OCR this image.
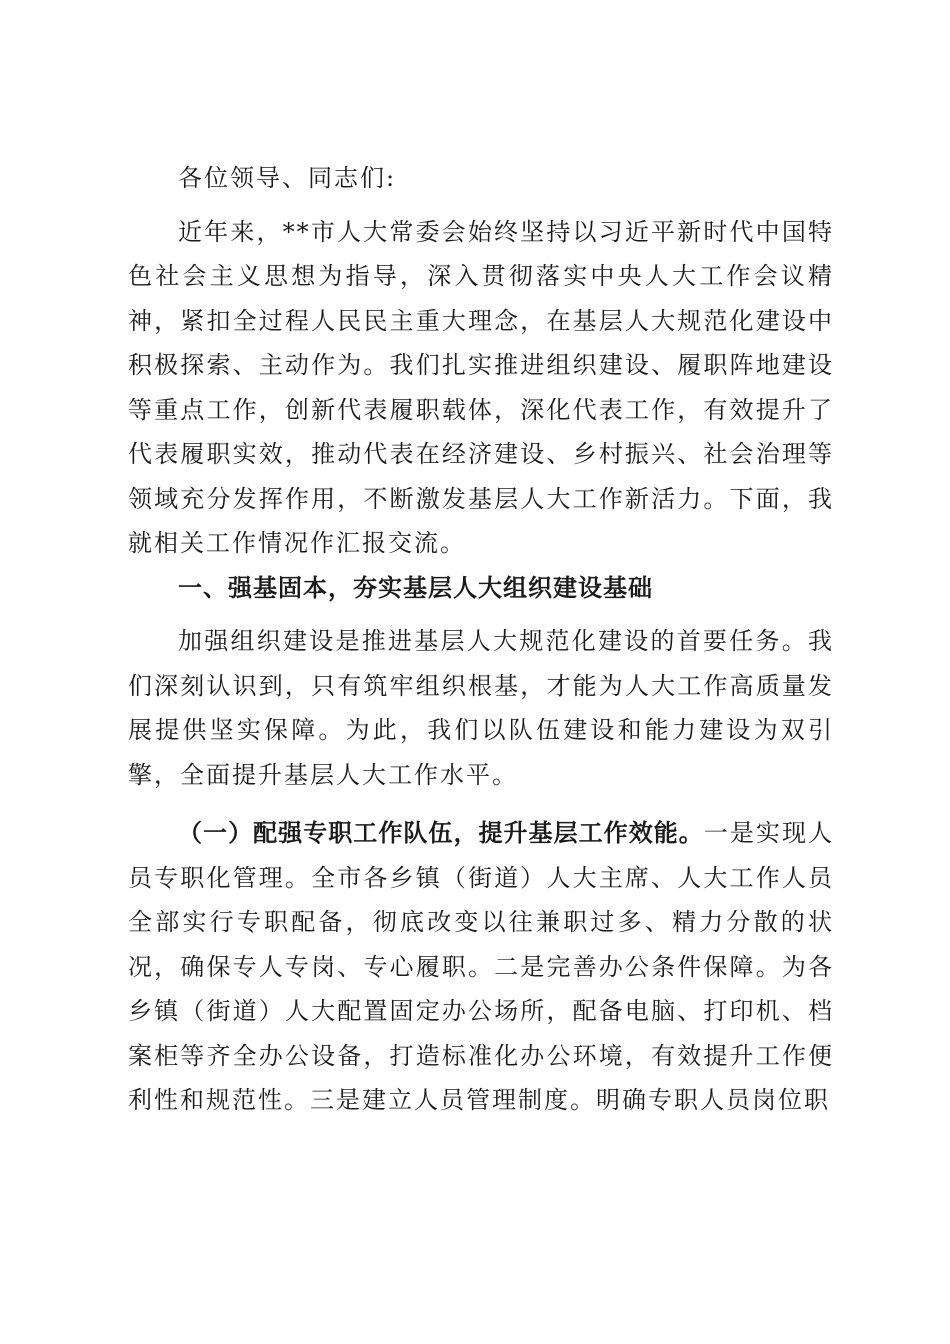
各位领导、同志们:

近年来，**市人大常委会始终坚持以习近平新时代中国特色社会主义思想为指导，深入贯彻落实中央人大工作会议精神，紧扣全过程人民民主重大理念，在基层人大规范化建设中积极探索、主动作为。我们扎实推进组织建设、履职阵地建设等重点工作，创新代表履职载体，深化代表工作，有效提升了代表履职实效，推动代表在经济建设、乡村振兴、社会治理等领域充分发挥作用，不断激发基层人大工作新活力。下面，我就相关工作情况作汇报交流。

一、强基固本，夯实基层人大组织建设基础

加强组织建设是推进基层人大规范化建设的首要任务。我们深刻认识到，只有筑牢组织根基，才能为人大工作高质量发展提供坚实保障。为此，我们以队伍建设和能力建设为双引擎，全面提升基层人大工作水平。

（一）配强专职工作队伍，提升基层工作效能。一是实现人员专职化管理。全市各乡镇（街道）人大主席、人大工作人员全部实行专职配备，彻底改变以往兼职过多、精力分散的状况，确保专人专岗、专心履职。二是完善办公条件保障。为各乡镇（街道）人大配置固定办公场所，配备电脑、打印机、档案柜等齐全办公设备，打造标准化办公环境，有效提升工作便利性和规范性。三是建立人员管理制度。明确专职人员岗位职
